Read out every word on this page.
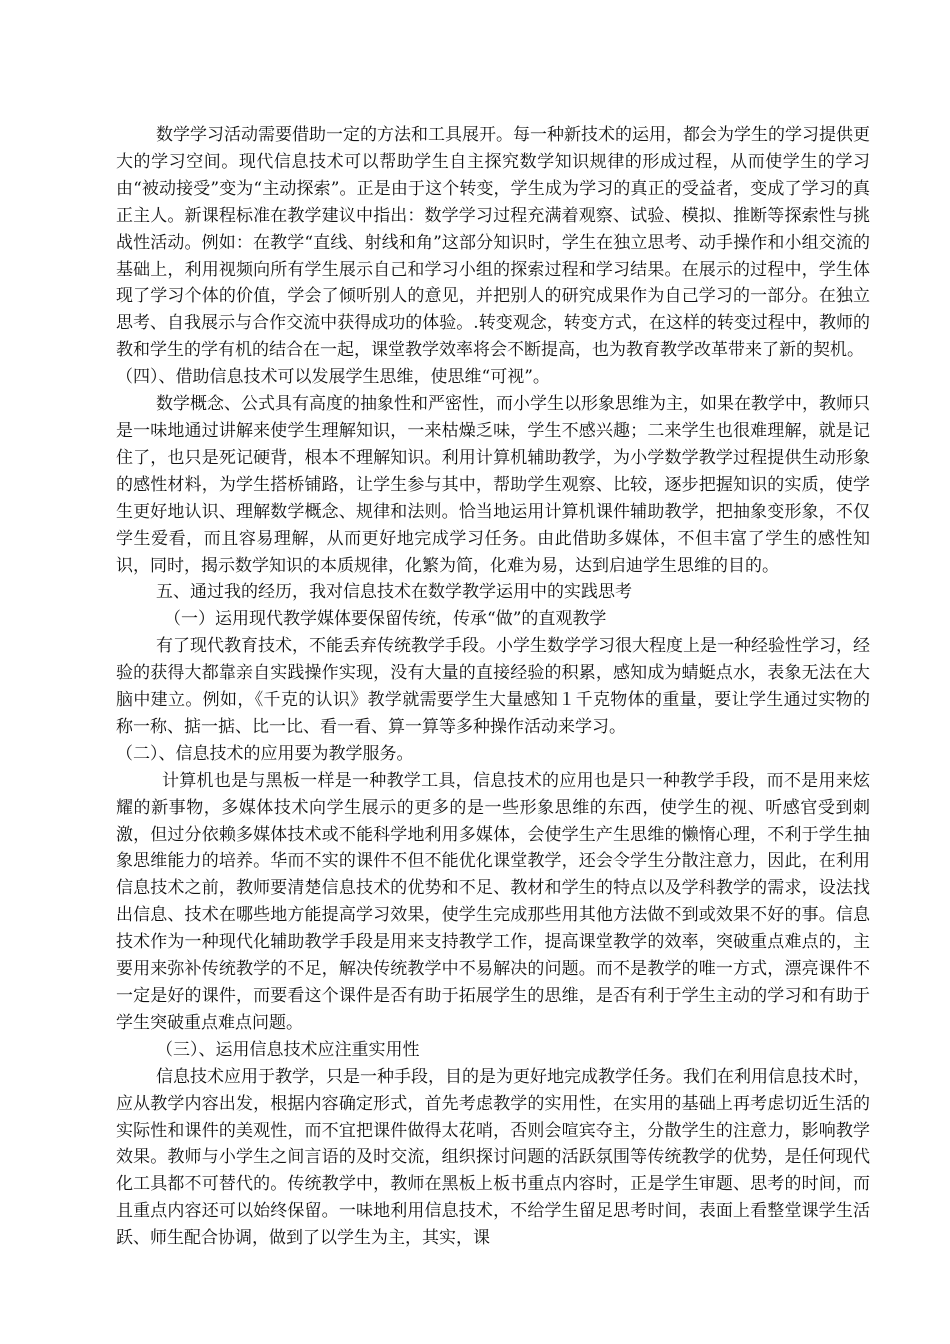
数学学习活动需要借助一定的方法和工具展开。每一种新技术的运用，都会为学生的学习提供更大的学习空间。现代信息技术可以帮助学生自主探究数学知识规律的形成过程，从而使学生的学习由“被动接受”变为“主动探索”。正是由于这个转变，学生成为学习的真正的受益者，变成了学习的真正主人。新课程标准在教学建议中指出：数学学习过程充满着观察、试验、模拟、推断等探索性与挑战性活动。例如：在教学“直线、射线和角”这部分知识时，学生在独立思考、动手操作和小组交流的基础上，利用视频向所有学生展示自己和学习小组的探索过程和学习结果。在展示的过程中，学生体现了学习个体的价值，学会了倾听别人的意见，并把别人的研究成果作为自己学习的一部分。在独立思考、自我展示与合作交流中获得成功的体验。.转变观念，转变方式，在这样的转变过程中，教师的教和学生的学有机的结合在一起，课堂教学效率将会不断提高，也为教育教学改革带来了新的契机。

（四）、借助信息技术可以发展学生思维，使思维“可视”。

数学概念、公式具有高度的抽象性和严密性，而小学生以形象思维为主，如果在教学中，教师只是一味地通过讲解来使学生理解知识，一来枯燥乏味，学生不感兴趣；二来学生也很难理解，就是记住了，也只是死记硬背，根本不理解知识。利用计算机辅助教学，为小学数学教学过程提供生动形象的感性材料，为学生搭桥铺路，让学生参与其中，帮助学生观察、比较，逐步把握知识的实质，使学生更好地认识、理解数学概念、规律和法则。恰当地运用计算机课件辅助教学，把抽象变形象，不仅学生爱看，而且容易理解，从而更好地完成学习任务。由此借助多媒体，不但丰富了学生的感性知识，同时，揭示数学知识的本质规律，化繁为简，化难为易，达到启迪学生思维的目的。

五、通过我的经历，我对信息技术在数学教学运用中的实践思考

（一）运用现代教学媒体要保留传统，传承“做”的直观教学

有了现代教育技术，不能丢弃传统教学手段。小学生数学学习很大程度上是一种经验性学习，经验的获得大都靠亲自实践操作实现，没有大量的直接经验的积累，感知成为蜻蜓点水，表象无法在大脑中建立。例如，《千克的认识》教学就需要学生大量感知１千克物体的重量，要让学生通过实物的称一称、掂一掂、比一比、看一看、算一算等多种操作活动来学习。

（二）、信息技术的应用要为教学服务。

计算机也是与黑板一样是一种教学工具，信息技术的应用也是只一种教学手段，而不是用来炫耀的新事物，多媒体技术向学生展示的更多的是一些形象思维的东西，使学生的视、听感官受到刺激，但过分依赖多媒体技术或不能科学地利用多媒体，会使学生产生思维的懒惰心理，不利于学生抽象思维能力的培养。华而不实的课件不但不能优化课堂教学，还会令学生分散注意力，因此，在利用信息技术之前，教师要清楚信息技术的优势和不足、教材和学生的特点以及学科教学的需求，设法找出信息、技术在哪些地方能提高学习效果，使学生完成那些用其他方法做不到或效果不好的事。信息技术作为一种现代化辅助教学手段是用来支持教学工作，提高课堂教学的效率，突破重点难点的，主要用来弥补传统教学的不足，解决传统教学中不易解决的问题。而不是教学的唯一方式，漂亮课件不一定是好的课件，而要看这个课件是否有助于拓展学生的思维，是否有利于学生主动的学习和有助于学生突破重点难点问题。

（三）、运用信息技术应注重实用性

信息技术应用于教学，只是一种手段，目的是为更好地完成教学任务。我们在利用信息技术时，应从教学内容出发，根据内容确定形式，首先考虑教学的实用性，在实用的基础上再考虑切近生活的实际性和课件的美观性，而不宜把课件做得太花哨，否则会喧宾夺主，分散学生的注意力，影响教学效果。教师与小学生之间言语的及时交流，组织探讨问题的活跃氛围等传统教学的优势，是任何现代化工具都不可替代的。传统教学中，教师在黑板上板书重点内容时，正是学生审题、思考的时间，而且重点内容还可以始终保留。一味地利用信息技术，不给学生留足思考时间，表面上看整堂课学生活跃、师生配合协调，做到了以学生为主，其实，课
